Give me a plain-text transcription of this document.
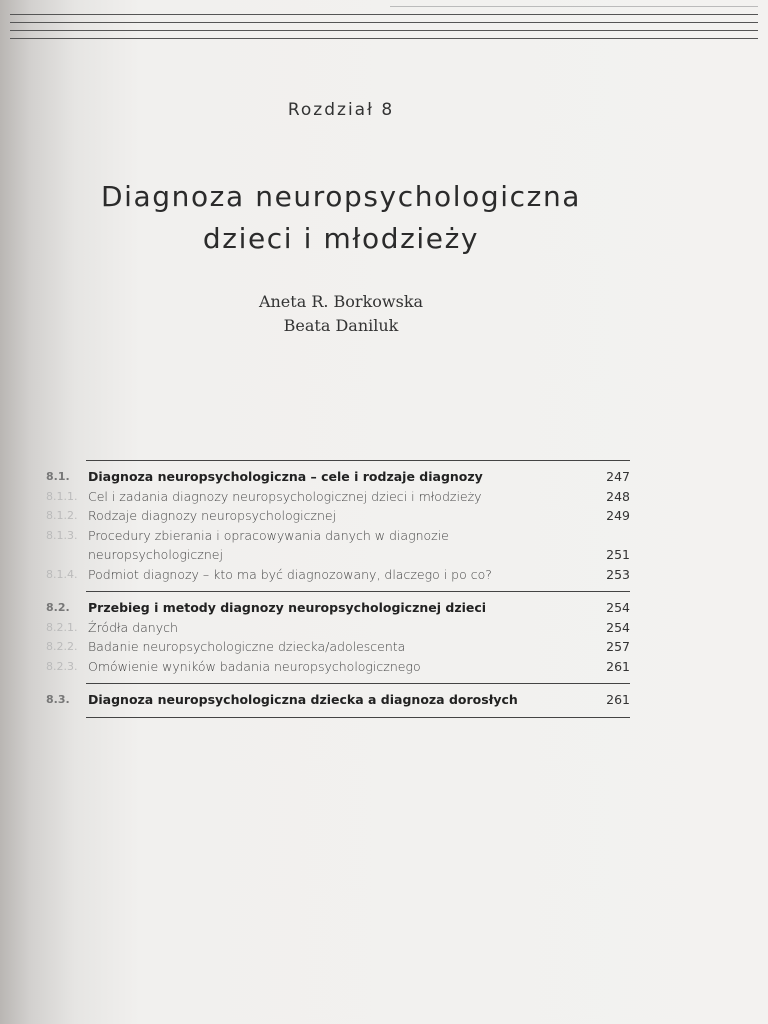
Rozdział 8
Diagnoza neuropsychologiczna
dzieci i młodzieży
Aneta R. Borkowska
Beata Daniluk
8.1.	Diagnoza neuropsychologiczna – cele i rodzaje diagnozy	247
8.1.1. Cel i zadania diagnozy neuropsychologicznej dzieci i młodzieży	248
8.1.2. Rodzaje diagnozy neuropsychologicznej	249
8.1.3. Procedury zbierania i opracowywania danych w diagnozie
neuropsychologicznej	251
8.1.4. Podmiot diagnozy – kto ma być diagnozowany, dlaczego i po co?	253
8.2.	Przebieg i metody diagnozy neuropsychologicznej dzieci	254
8.2.1. Źródła danych	254
8.2.2. Badanie neuropsychologiczne dziecka/adolescenta	257
8.2.3. Omówienie wyników badania neuropsychologicznego	261
8.3.	Diagnoza neuropsychologiczna dziecka a diagnoza dorosłych	261
